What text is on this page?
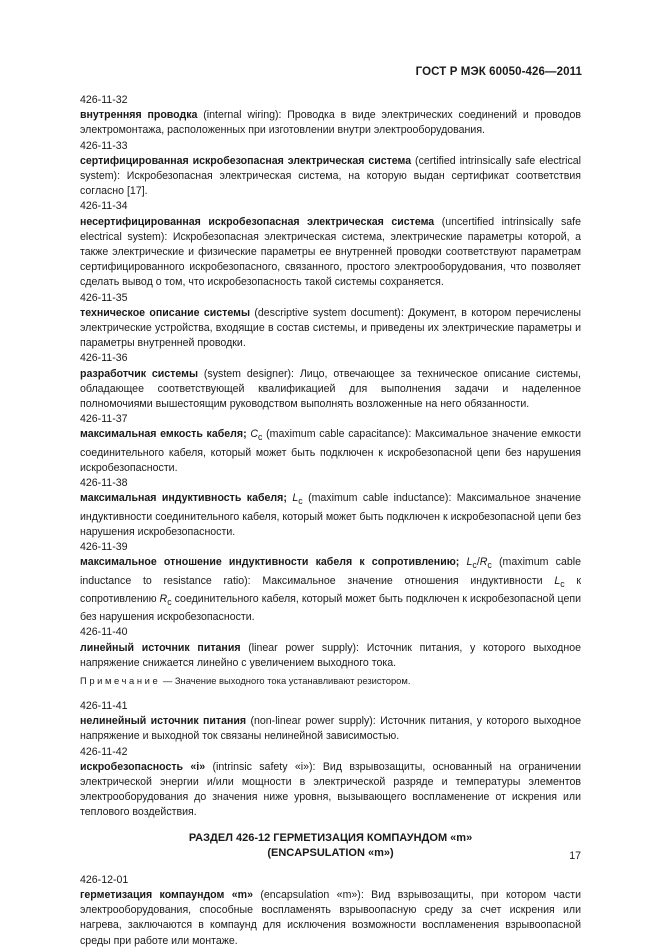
ГОСТ Р МЭК 60050-426—2011

426-11-32

внутренняя проводка (internal wiring): Проводка в виде электрических соединений и проводов электромонтажа, расположенных при изготовлении внутри электрооборудования.

426-11-33

сертифицированная искробезопасная электрическая система (certified intrinsically safe electrical system): Искробезопасная электрическая система, на которую выдан сертификат соответствия согласно [17].

426-11-34

несертифицированная искробезопасная электрическая система (uncertified intrinsically safe electrical system): Искробезопасная электрическая система, электрические параметры которой, а также электрические и физические параметры ее внутренней проводки соответствуют параметрам сертифицированного искробезопасного, связанного, простого электрооборудования, что позволяет сделать вывод о том, что искробезопасность такой системы сохраняется.

426-11-35

техническое описание системы (descriptive system document): Документ, в котором перечислены электрические устройства, входящие в состав системы, и приведены их электрические параметры и параметры внутренней проводки.

426-11-36

разработчик системы (system designer): Лицо, отвечающее за техническое описание системы, обладающее соответствующей квалификацией для выполнения задачи и наделенное полномочиями вышестоящим руководством выполнять возложенные на него обязанности.

426-11-37

максимальная емкость кабеля; $C_c$ (maximum cable capacitance): Максимальное значение емкости соединительного кабеля, который может быть подключен к искробезопасной цепи без нарушения искробезопасности.

426-11-38

максимальная индуктивность кабеля; $L_c$ (maximum cable inductance): Максимальное значение индуктивности соединительного кабеля, который может быть подключен к искробезопасной цепи без нарушения искробезопасности.

426-11-39

максимальное отношение индуктивности кабеля к сопротивлению; $L_c/R_c$ (maximum cable inductance to resistance ratio): Максимальное значение отношения индуктивности $L_c$ к сопротивлению $R_c$ соединительного кабеля, который может быть подключен к искробезопасной цепи без нарушения искробезопасности.

426-11-40

линейный источник питания (linear power supply): Источник питания, у которого выходное напряжение снижается линейно с увеличением выходного тока.

Примечание — Значение выходного тока устанавливают резистором.

426-11-41

нелинейный источник питания (non-linear power supply): Источник питания, у которого выходное напряжение и выходной ток связаны нелинейной зависимостью.

426-11-42

искробезопасность «i» (intrinsic safety «i»): Вид взрывозащиты, основанный на ограничении электрической энергии и/или мощности в электрической разряде и температуры элементов электрооборудования до значения ниже уровня, вызывающего воспламенение от искрения или теплового воздействия.

РАЗДЕЛ 426-12 ГЕРМЕТИЗАЦИЯ КОМПАУНДОМ «m»
(ENCAPSULATION «m»)

426-12-01

герметизация компаундом «m» (encapsulation «m»): Вид взрывозащиты, при котором части электрооборудования, способные воспламенять взрывоопасную среду за счет искрения или нагрева, заключаются в компаунд для исключения возможности воспламенения взрывоопасной среды при работе или монтаже.

17
